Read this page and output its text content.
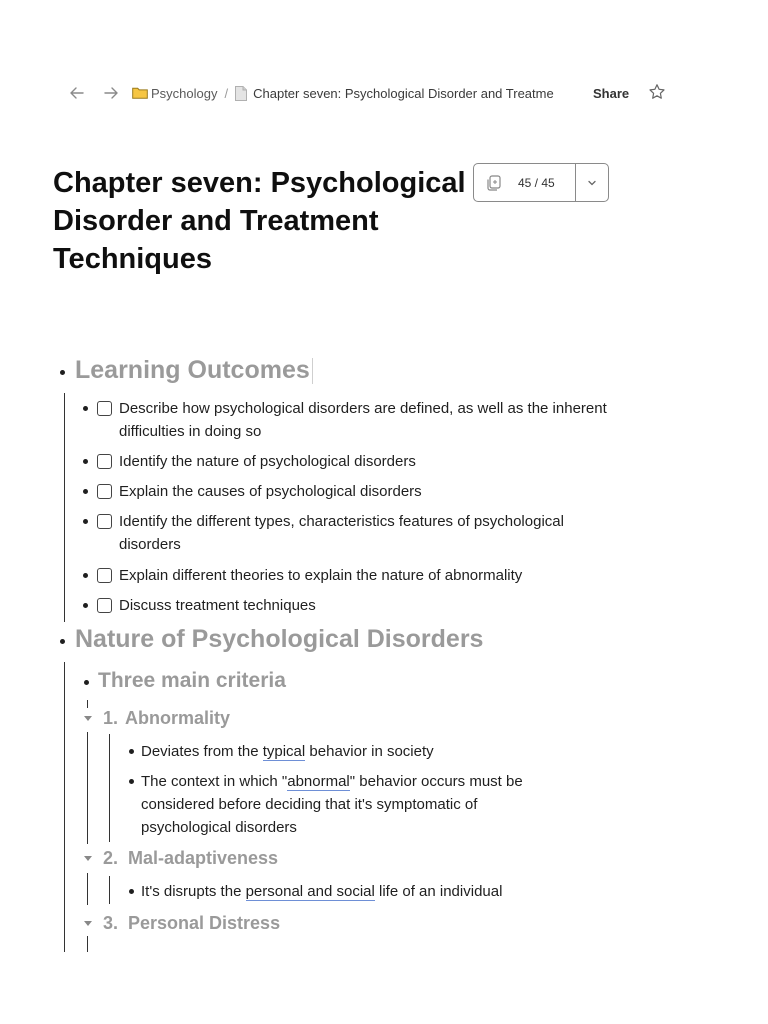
Psychology / Chapter seven: Psychological Disorder and Treatme	Share
Chapter seven: Psychological Disorder and Treatment Techniques
45 / 45
Learning Outcomes
Describe how psychological disorders are defined, as well as the inherent difficulties in doing so
Identify the nature of psychological disorders
Explain the causes of psychological disorders
Identify the different types, characteristics features of psychological disorders
Explain different theories to explain the nature of abnormality
Discuss treatment techniques
Nature of Psychological Disorders
Three main criteria
1. Abnormality
Deviates from the typical behavior in society
The context in which "abnormal" behavior occurs must be considered before deciding that it's symptomatic of psychological disorders
2. Mal-adaptiveness
It's disrupts the personal and social life of an individual
3. Personal Distress
